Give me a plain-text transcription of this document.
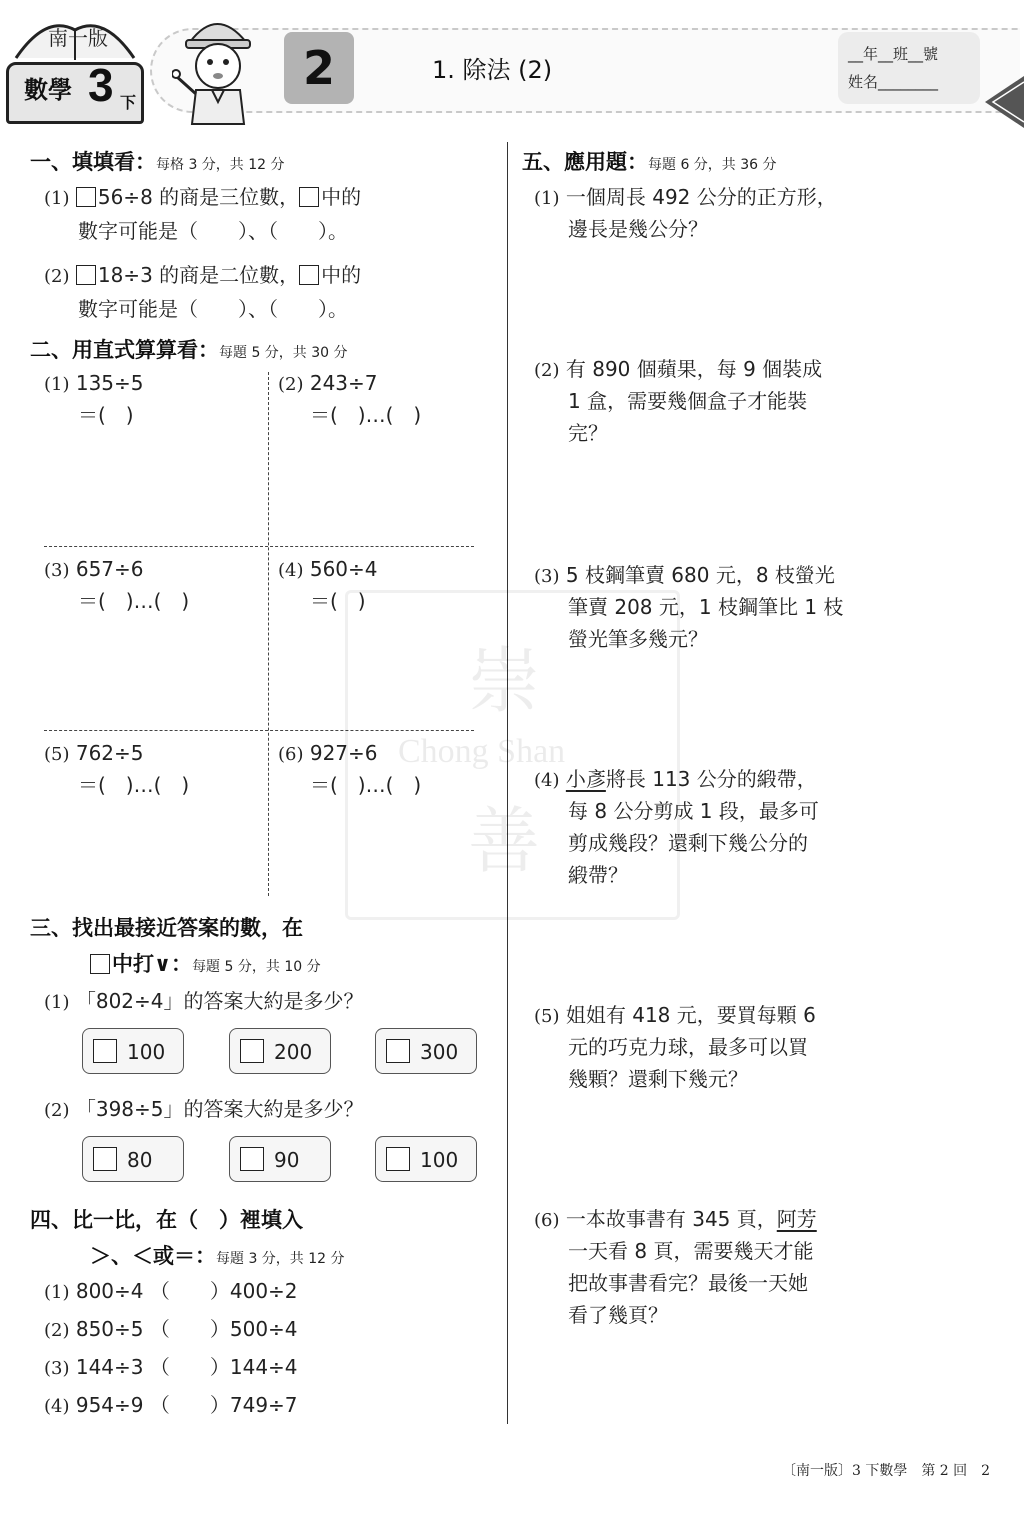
南一版
數學 3 下
2	1. 除法 (2)
__年__班__號
姓名________
一、填填看：每格 3 分，共 12 分
(1) 56÷8 的商是三位數， 中的
數字可能是（　　）、（　　）。
(2) 18÷3 的商是二位數， 中的
數字可能是（　　）、（　　）。
二、用直式算算看：每題 5 分，共 30 分
(1) 135÷5
＝(　)
(2) 243÷7
＝(　)…(　)
(3) 657÷6
＝(　)…(　)
(4) 560÷4
＝(　)
(5) 762÷5
＝(　)…(　)
(6) 927÷6
＝(　)…(　)
崇
Chong Shan
善
三、找出最接近答案的數，在
中打∨：每題 5 分，共 10 分
(1) 「802÷4」的答案大約是多少？
100	200	300
(2) 「398÷5」的答案大約是多少？
80	90	100
四、比一比，在（　）裡填入
＞、＜或＝：每題 3 分，共 12 分
(1) 800÷4 （　　）400÷2
(2) 850÷5 （　　）500÷4
(3) 144÷3 （　　）144÷4
(4) 954÷9 （　　）749÷7
五、應用題：每題 6 分，共 36 分
(1) 一個周長 492 公分的正方形，
邊長是幾公分？
(2) 有 890 個蘋果，每 9 個裝成
1 盒，需要幾個盒子才能裝
完？
(3) 5 枝鋼筆賣 680 元，8 枝螢光
筆賣 208 元，1 枝鋼筆比 1 枝
螢光筆多幾元？
(4) 小彥將長 113 公分的緞帶，
每 8 公分剪成 1 段，最多可
剪成幾段？還剩下幾公分的
緞帶？
(5) 姐姐有 418 元，要買每顆 6
元的巧克力球，最多可以買
幾顆？還剩下幾元？
(6) 一本故事書有 345 頁，阿芳
一天看 8 頁，需要幾天才能
把故事書看完？最後一天她
看了幾頁？
〔南一版〕3 下數學　第 2 回　2
